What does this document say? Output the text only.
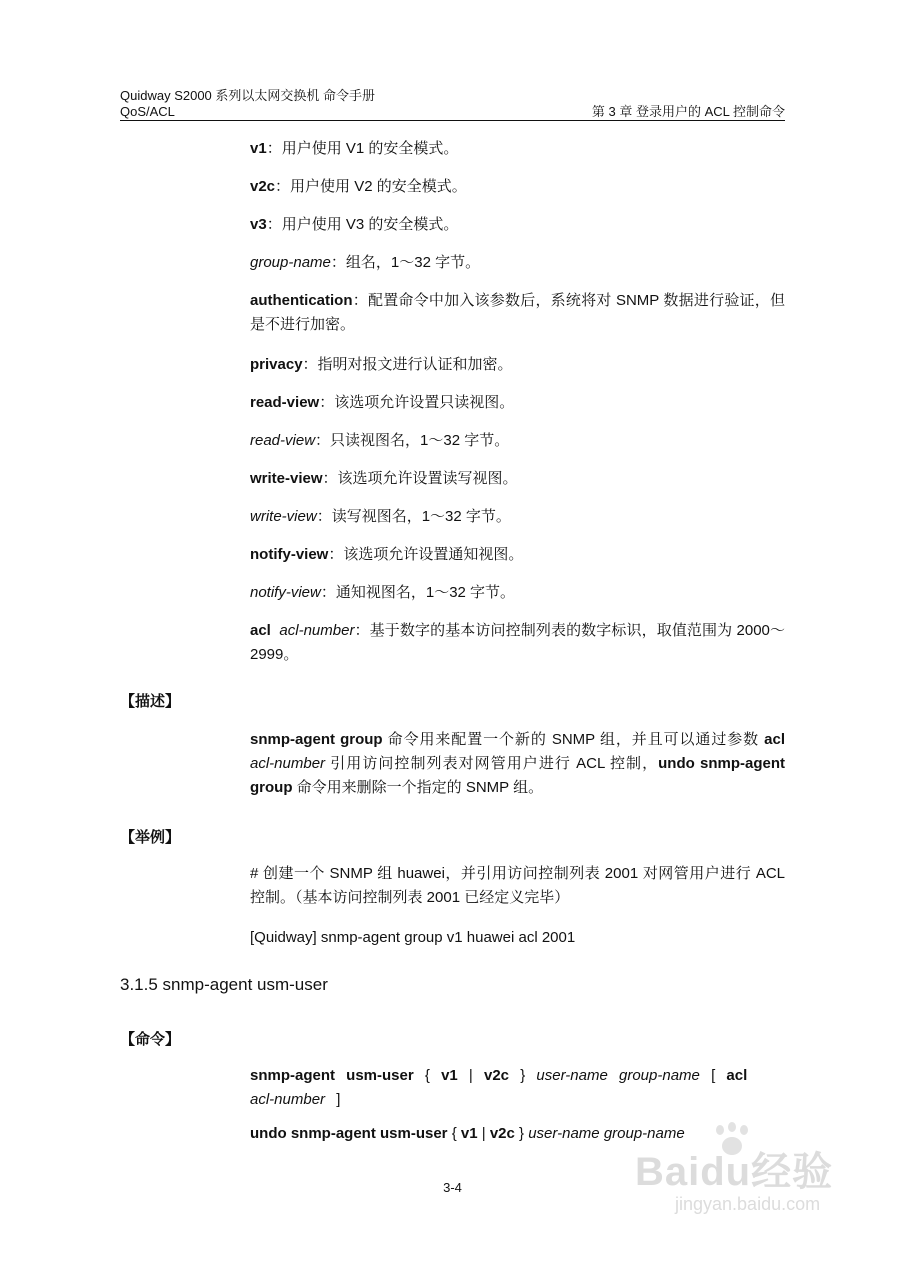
Quidway S2000 系列以太网交换机 命令手册
QoS/ACL	第 3 章 登录用户的 ACL 控制命令

v1：用户使用 V1 的安全模式。

v2c：用户使用 V2 的安全模式。

v3：用户使用 V3 的安全模式。

group-name：组名，1～32 字节。

authentication：配置命令中加入该参数后，系统将对 SNMP 数据进行验证，但是不进行加密。

privacy：指明对报文进行认证和加密。

read-view：该选项允许设置只读视图。

read-view：只读视图名，1～32 字节。

write-view：该选项允许设置读写视图。

write-view：读写视图名，1～32 字节。

notify-view：该选项允许设置通知视图。

notify-view：通知视图名，1～32 字节。

acl acl-number：基于数字的基本访问控制列表的数字标识，取值范围为 2000～2999。

【描述】

snmp-agent group 命令用来配置一个新的 SNMP 组，并且可以通过参数 acl acl-number 引用访问控制列表对网管用户进行 ACL 控制，undo snmp-agent group 命令用来删除一个指定的 SNMP 组。

【举例】

# 创建一个 SNMP 组 huawei，并引用访问控制列表 2001 对网管用户进行 ACL 控制。（基本访问控制列表 2001 已经定义完毕）

[Quidway] snmp-agent group v1 huawei acl 2001

3.1.5 snmp-agent usm-user
【命令】

snmp-agent usm-user { v1 | v2c } user-name group-name [ acl
acl-number ]

undo snmp-agent usm-user { v1 | v2c } user-name group-name

3-4	Baidu经验
jingyan.baidu.com
